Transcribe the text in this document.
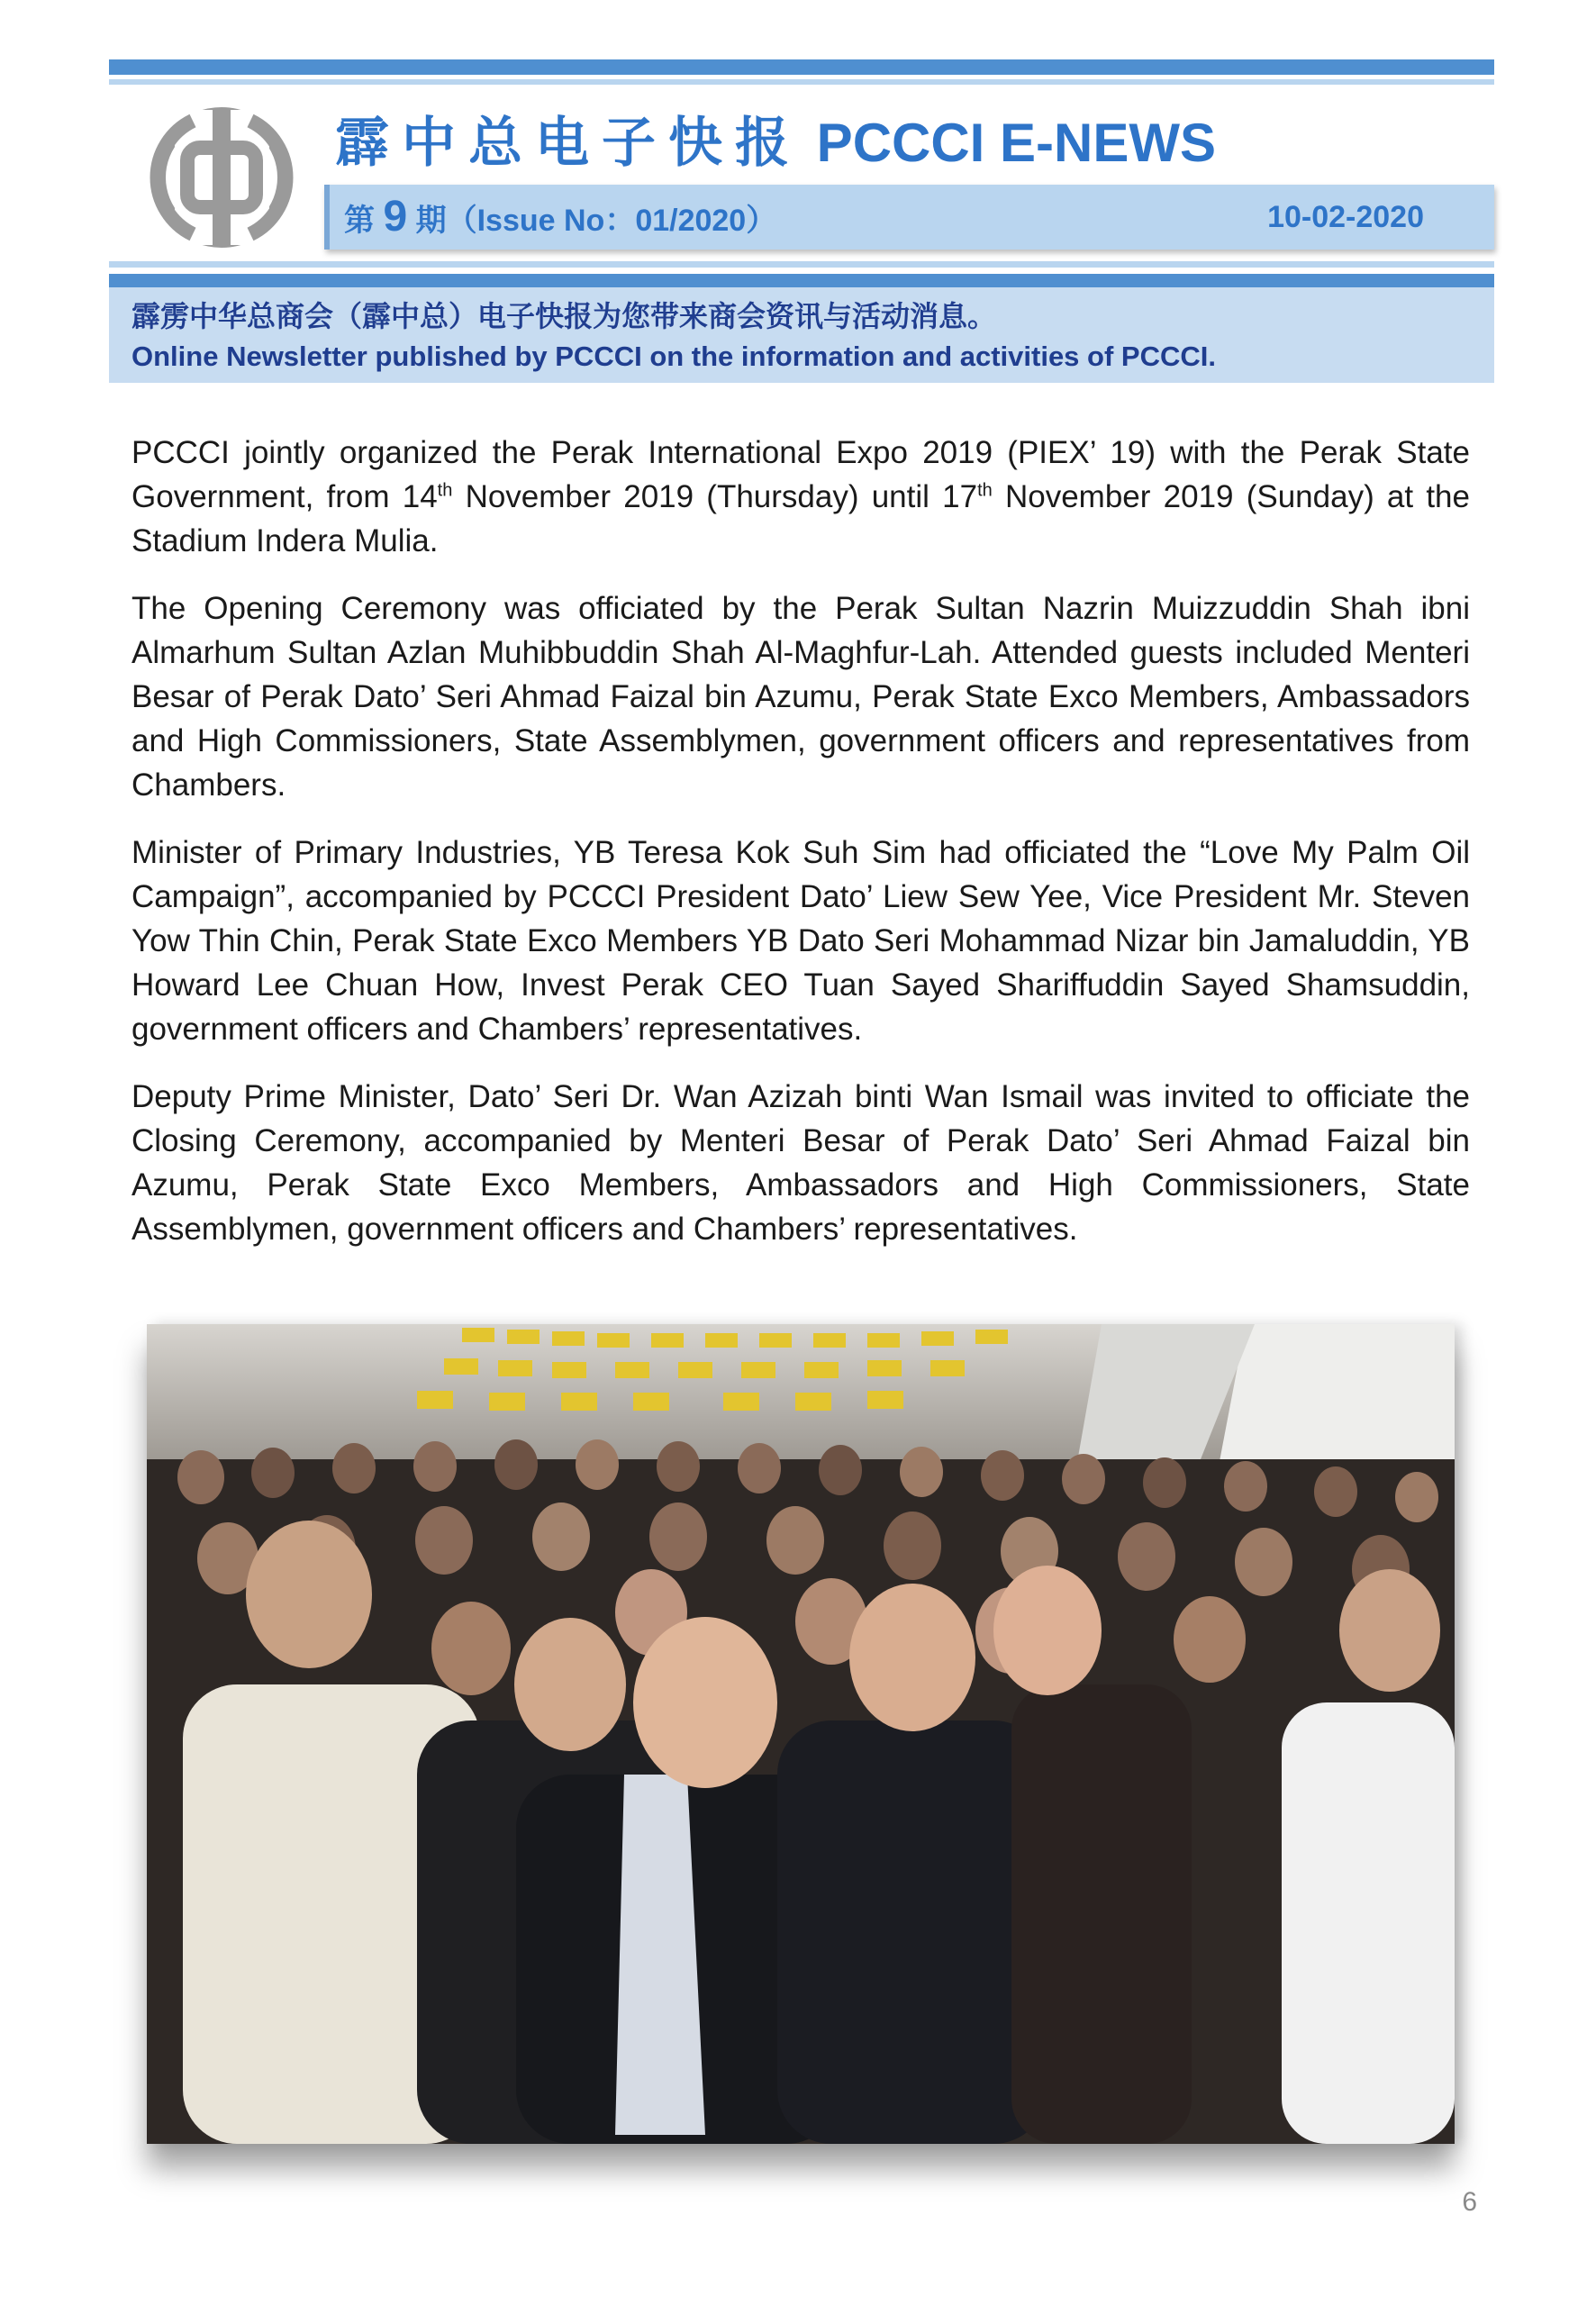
霹中总电子快报 PCCCI E-NEWS
第 9 期（Issue No：01/2020）	10-02-2020
霹雳中华总商会（霹中总）电子快报为您带来商会资讯与活动消息。
Online Newsletter published by PCCCI on the information and activities of PCCCI.

PCCCI jointly organized the Perak International Expo 2019 (PIEX’ 19) with the Perak State Government, from 14th November 2019 (Thursday) until 17th November 2019 (Sunday) at the Stadium Indera Mulia.

The Opening Ceremony was officiated by the Perak Sultan Nazrin Muizzuddin Shah ibni Almarhum Sultan Azlan Muhibbuddin Shah Al-Maghfur-Lah. Attended guests included Menteri Besar of Perak Dato’ Seri Ahmad Faizal bin Azumu, Perak State Exco Members, Ambassadors and High Commissioners, State Assemblymen, government officers and representatives from Chambers.

Minister of Primary Industries, YB Teresa Kok Suh Sim had officiated the “Love My Palm Oil Campaign”, accompanied by PCCCI President Dato’ Liew Sew Yee, Vice President Mr. Steven Yow Thin Chin, Perak State Exco Members YB Dato Seri Mohammad Nizar bin Jamaluddin, YB Howard Lee Chuan How, Invest Perak CEO Tuan Sayed Shariffuddin Sayed Shamsuddin, government officers and Chambers’ representatives.

Deputy Prime Minister, Dato’ Seri Dr. Wan Azizah binti Wan Ismail was invited to officiate the Closing Ceremony, accompanied by Menteri Besar of Perak Dato’ Seri Ahmad Faizal bin Azumu, Perak State Exco Members, Ambassadors and High Commissioners, State Assemblymen, government officers and Chambers’ representatives.

6
